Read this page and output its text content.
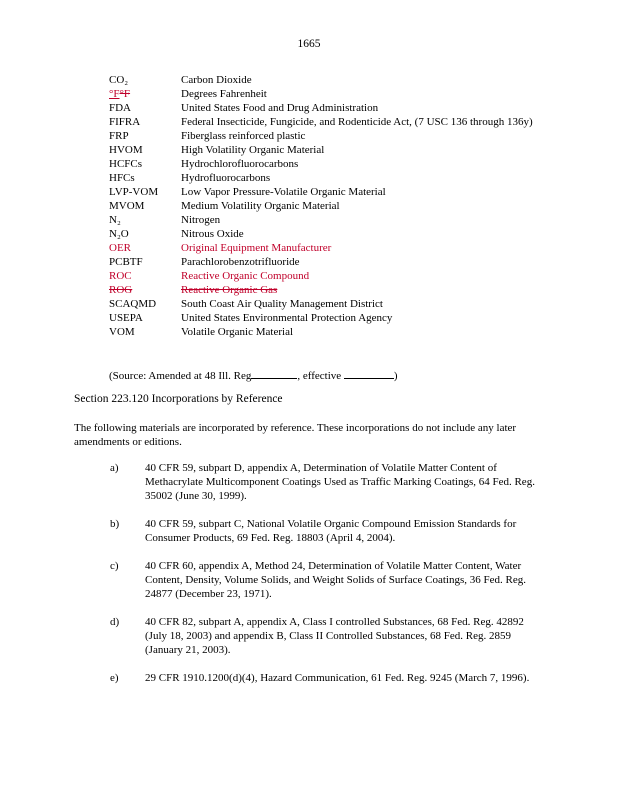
1665
CO₂	Carbon Dioxide
°F°F	Degrees Fahrenheit
FDA	United States Food and Drug Administration
FIFRA	Federal Insecticide, Fungicide, and Rodenticide Act, (7 USC 136 through 136y)
FRP	Fiberglass reinforced plastic
HVOM	High Volatility Organic Material
HCFCs	Hydrochlorofluorocarbons
HFCs	Hydrofluorocarbons
LVP-VOM	Low Vapor Pressure-Volatile Organic Material
MVOM	Medium Volatility Organic Material
N₂	Nitrogen
N₂O	Nitrous Oxide
OER	Original Equipment Manufacturer
PCBTF	Parachlorobenzotrifluoride
ROC	Reactive Organic Compound
ROG	Reactive Organic Gas
SCAQMD	South Coast Air Quality Management District
USEPA	United States Environmental Protection Agency
VOM	Volatile Organic Material
(Source: Amended at 48 Ill. Reg	, effective	)
Section 223.120 Incorporations by Reference
The following materials are incorporated by reference. These incorporations do not include any later amendments or editions.
a)	40 CFR 59, subpart D, appendix A, Determination of Volatile Matter Content of Methacrylate Multicomponent Coatings Used as Traffic Marking Coatings, 64 Fed. Reg. 35002 (June 30, 1999).
b)	40 CFR 59, subpart C, National Volatile Organic Compound Emission Standards for Consumer Products, 69 Fed. Reg. 18803 (April 4, 2004).
c)	40 CFR 60, appendix A, Method 24, Determination of Volatile Matter Content, Water Content, Density, Volume Solids, and Weight Solids of Surface Coatings, 36 Fed. Reg. 24877 (December 23, 1971).
d)	40 CFR 82, subpart A, appendix A, Class I controlled Substances, 68 Fed. Reg. 42892 (July 18, 2003) and appendix B, Class II Controlled Substances, 68 Fed. Reg. 2859 (January 21, 2003).
e)	29 CFR 1910.1200(d)(4), Hazard Communication, 61 Fed. Reg. 9245 (March 7, 1996).
